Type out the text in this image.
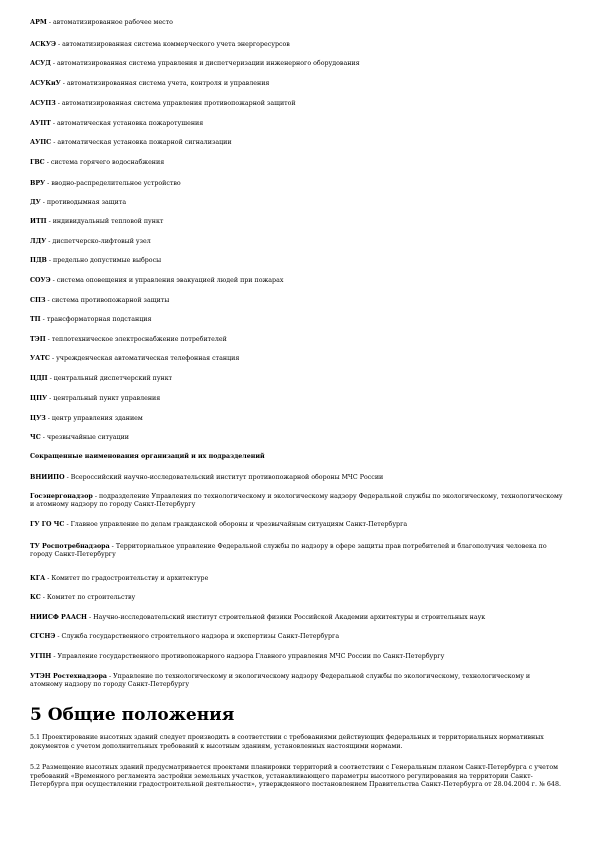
АРМ - автоматизированное рабочее место
АСКУЭ - автоматизированная система коммерческого учета энергоресурсов
АСУД - автоматизированная система управления и диспетчеризации инженерного оборудования
АСУКиУ - автоматизированная система учета, контроля и управления
АСУПЗ - автоматизированная система управления противопожарной защитой
АУПТ - автоматическая установка пожаротушения
АУПС - автоматическая установка пожарной сигнализации
ГВС - система горячего водоснабжения
ВРУ - вводно-распределительное устройство
ДУ - противодымная защита
ИТП - индивидуальный тепловой пункт
ЛДУ - диспетчерско-лифтовый узел
ПДВ - предельно допустимые выбросы
СОУЭ - система оповещения и управления эвакуацией людей при пожарах
СПЗ - система противопожарной защиты
ТП - трансформаторная подстанция
ТЭП - теплотехническое электроснабжение потребителей
УАТС - учрежденческая автоматическая телефонная станция
ЦДП - центральный диспетчерский пункт
ЦПУ - центральный пункт управления
ЦУЗ - центр управления зданием
ЧС - чрезвычайные ситуации
Сокращенные наименования организаций и их подразделений
ВНИИПО - Всероссийский научно-исследовательский институт противопожарной обороны МЧС России
Госэнергонадзор - подразделение Управления по технологическому и экологическому надзору Федеральной службы по экологическому, технологическому и атомному надзору по городу Санкт-Петербургу
ГУ ГО ЧС - Главное управление по делам гражданской обороны и чрезвычайным ситуациям Санкт-Петербурга
ТУ Роспотребнадзора - Территориальное управление Федеральной службы по надзору в сфере защиты прав потребителей и благополучия человека по городу Санкт-Петербургу
КГА - Комитет по градостроительству и архитектуре
КС - Комитет по строительству
НИИСФ РААСН - Научно-исследовательский институт строительной физики Российской Академии архитектуры и строительных наук
СГСНЭ - Служба государственного строительного надзора и экспертизы Санкт-Петербурга
УГПН - Управление государственного противопожарного надзора Главного управления МЧС России по Санкт-Петербургу
УТЭН Ростехнадзора - Управление по технологическому и экологическому надзору Федеральной службы по экологическому, технологическому и атомному надзору по городу Санкт-Петербургу
5 Общие положения
5.1 Проектирование высотных зданий следует производить в соответствии с требованиями действующих федеральных и территориальных нормативных документов с учетом дополнительных требований к высотным зданиям, установленных настоящими нормами.
5.2 Размещение высотных зданий предусматривается проектами планировки территорий в соответствии с Генеральным планом Санкт-Петербурга с учетом требований «Временного регламента застройки земельных участков, устанавливающего параметры высотного регулирования на территории Санкт-Петербурга при осуществлении градостроительной деятельности», утвержденного постановлением Правительства Санкт-Петербурга от 28.04.2004 г. № 648.
